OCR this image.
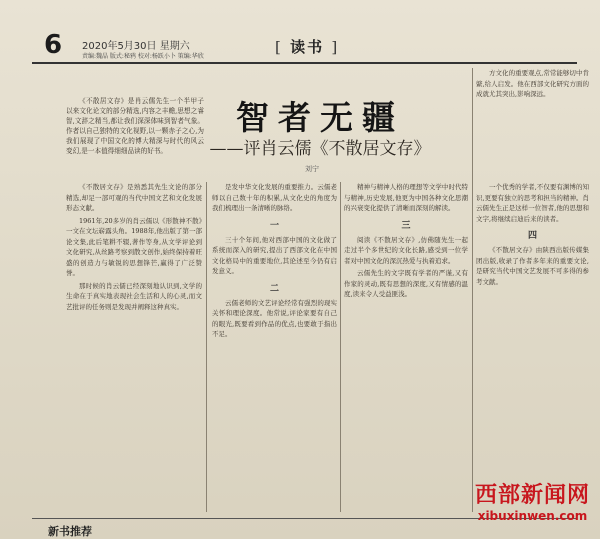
6 2020年5月30日 星期六
责编:魏晶 版式:秘鸦 校对:杨跃小卜 策编:华欣
[ 读书 ]

《不散居文存》是肖云儒先生一个半甲子以来文化论文的部分精选,内容之丰赡,思想之睿智,文辞之精当,都让我们深深体味到智者气象。作者以自己独特的文化视野,以一颗赤子之心,为我们展现了中国文化的博大精深与时代的风云变幻,是一本值得细细品读的好书。

智者无疆
——评肖云儒《不散居文存》
刘宁

方文化的重要观点,常常能够切中肯綮,给人启发。他在西部文化研究方面的成就尤其突出,影响深远。

《不散居文存》是熟悉其先生文论的部分精选,却足一部可观的当代中国文艺和文化发展形态文献。

1961年,20多岁的肖云儒以《形散神不散》一文在文坛崭露头角。1988年,他出版了第一部论文集,此后笔耕不辍,著作等身,从文学评论到文化研究,从丝路考察到散文创作,始终保持着旺盛的创造力与敏锐的思想锋芒,赢得了广泛赞誉。

那时候的肖云儒已经深刻地认识到,文学的生命在于真实地表现社会生活和人的心灵,而文艺批评的任务则是发现并阐释这种真实。

是发中华文化发展的重要推力。云儒老师以自己数十年的积累,从文化史的角度为我们梳理出一条清晰的脉络。

一

三十个年间,他对西部中国的文化做了系统而深入的研究,提出了西部文化在中国文化格局中的重要地位,其论述至今仍有启发意义。

二

云儒老师的文艺评论经常有强烈的现实关怀和理论深度。他常说,评论家要有自己的眼光,既要看到作品的优点,也要敢于指出不足。

精神与精神人格的理想等文学中时代特与精神,历史发展,他更为中国各种文化思潮的兴衰变化提供了清晰而深刻的解读。

三

阅读《不散居文存》,仿佛随先生一起走过半个多世纪的文化长路,感受到一位学者对中国文化的深沉热爱与执着追求。

云儒先生的文字既有学者的严谨,又有作家的灵动,既有思想的深度,又有情感的温度,读来令人受益匪浅。

一个优秀的学者,不仅要有渊博的知识,更要有独立的思考和担当的精神。肖云儒先生正是这样一位智者,他的思想和文字,将继续启迪后来的读者。

四

《不散居文存》由陕西出版传媒集团出版,收录了作者多年来的重要文论,是研究当代中国文艺发展不可多得的参考文献。

新书推荐
西部新闻网
xibuxinwen.com
